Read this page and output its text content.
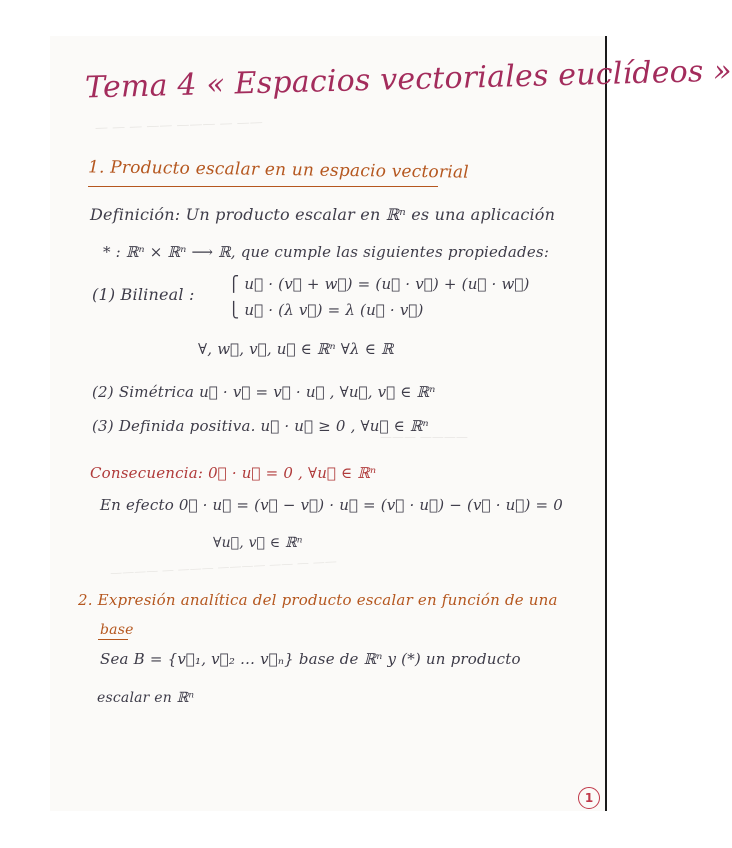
— — — —— ——— — ——
——— ————
———— — ——— ———— —— — ——
Tema 4 « Espacios vectoriales euclídeos »
1. Producto escalar en un espacio vectorial
Definición: Un producto escalar en ℝⁿ es una aplicación
* : ℝⁿ × ℝⁿ ⟶ ℝ, que cumple las siguientes propiedades:
(1) Bilineal :
⎧ u⃗ · (v⃗ + w⃗) = (u⃗ · v⃗) + (u⃗ · w⃗)
⎩ u⃗ · (λ v⃗) = λ (u⃗ · v⃗)
∀, w⃗, v⃗, u⃗ ∈ ℝⁿ ∀λ ∈ ℝ
(2) Simétrica u⃗ · v⃗ = v⃗ · u⃗ , ∀u⃗, v⃗ ∈ ℝⁿ
(3) Definida positiva. u⃗ · u⃗ ≥ 0 , ∀u⃗ ∈ ℝⁿ
Consecuencia: 0⃗ · u⃗ = 0 , ∀u⃗ ∈ ℝⁿ
En efecto 0⃗ · u⃗ = (v⃗ − v⃗) · u⃗ = (v⃗ · u⃗) − (v⃗ · u⃗) = 0
∀u⃗, v⃗ ∈ ℝⁿ
2. Expresión analítica del producto escalar en función de una
base
Sea B = {v⃗₁, v⃗₂ … v⃗ₙ} base de ℝⁿ y (*) un producto
escalar en ℝⁿ
1
